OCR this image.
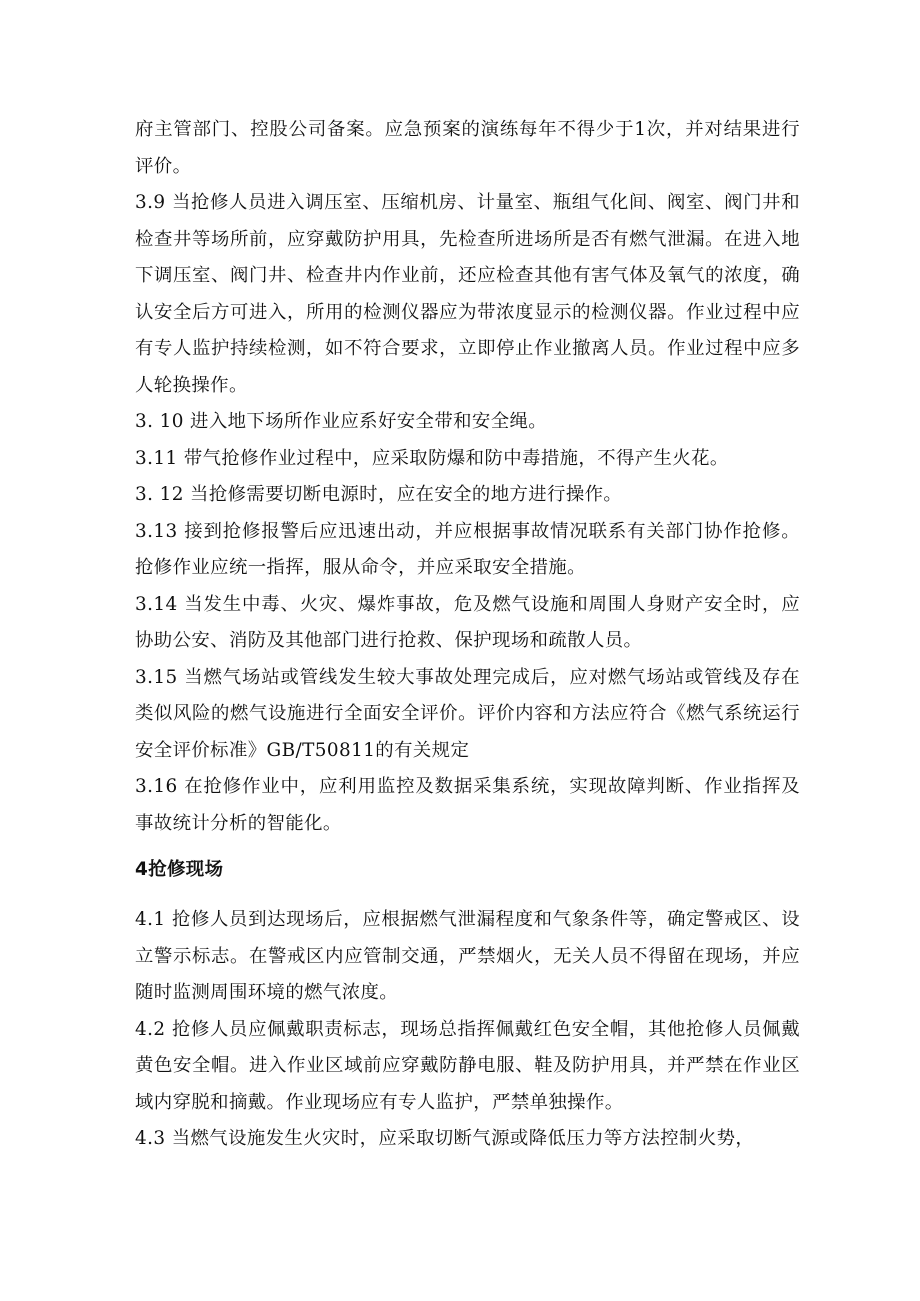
府主管部门、控股公司备案。应急预案的演练每年不得少于1次，并对结果进行评价。

3.9 当抢修人员进入调压室、压缩机房、计量室、瓶组气化间、阀室、阀门井和检查井等场所前，应穿戴防护用具，先检查所进场所是否有燃气泄漏。在进入地下调压室、阀门井、检查井内作业前，还应检查其他有害气体及氧气的浓度，确认安全后方可进入，所用的检测仪器应为带浓度显示的检测仪器。作业过程中应有专人监护持续检测，如不符合要求，立即停止作业撤离人员。作业过程中应多人轮换操作。

3. 10 进入地下场所作业应系好安全带和安全绳。

3.11 带气抢修作业过程中，应采取防爆和防中毒措施，不得产生火花。

3. 12 当抢修需要切断电源时，应在安全的地方进行操作。

3.13 接到抢修报警后应迅速出动，并应根据事故情况联系有关部门协作抢修。抢修作业应统一指挥，服从命令，并应采取安全措施。

3.14 当发生中毒、火灾、爆炸事故，危及燃气设施和周围人身财产安全时，应协助公安、消防及其他部门进行抢救、保护现场和疏散人员。

3.15 当燃气场站或管线发生较大事故处理完成后，应对燃气场站或管线及存在类似风险的燃气设施进行全面安全评价。评价内容和方法应符合《燃气系统运行安全评价标准》GB/T50811的有关规定

3.16 在抢修作业中，应利用监控及数据采集系统，实现故障判断、作业指挥及事故统计分析的智能化。

4抢修现场

4.1 抢修人员到达现场后，应根据燃气泄漏程度和气象条件等，确定警戒区、设立警示标志。在警戒区内应管制交通，严禁烟火，无关人员不得留在现场，并应随时监测周围环境的燃气浓度。

4.2 抢修人员应佩戴职责标志，现场总指挥佩戴红色安全帽，其他抢修人员佩戴黄色安全帽。进入作业区域前应穿戴防静电服、鞋及防护用具，并严禁在作业区域内穿脱和摘戴。作业现场应有专人监护，严禁单独操作。

4.3 当燃气设施发生火灾时，应采取切断气源或降低压力等方法控制火势，
